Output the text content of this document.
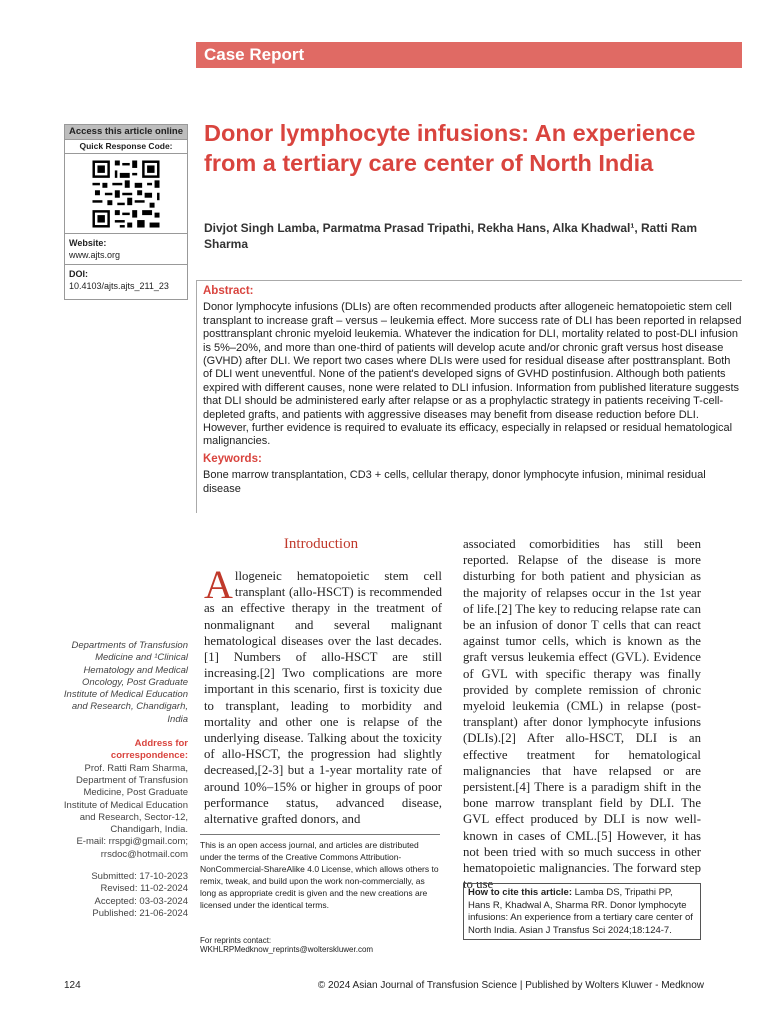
Case Report
Access this article online
Quick Response Code:
Website:
www.ajts.org
DOI:
10.4103/ajts.ajts_211_23
Donor lymphocyte infusions: An experience from a tertiary care center of North India
Divjot Singh Lamba, Parmatma Prasad Tripathi, Rekha Hans, Alka Khadwal¹, Ratti Ram Sharma
Abstract:
Donor lymphocyte infusions (DLIs) are often recommended products after allogeneic hematopoietic stem cell transplant to increase graft – versus – leukemia effect. More success rate of DLI has been reported in relapsed posttransplant chronic myeloid leukemia. Whatever the indication for DLI, mortality related to post-DLI infusion is 5%–20%, and more than one-third of patients will develop acute and/or chronic graft versus host disease (GVHD) after DLI. We report two cases where DLIs were used for residual disease after posttransplant. Both of DLI went uneventful. None of the patient's developed signs of GVHD postinfusion. Although both patients expired with different causes, none were related to DLI infusion. Information from published literature suggests that DLI should be administered early after relapse or as a prophylactic strategy in patients receiving T-cell-depleted grafts, and patients with aggressive diseases may benefit from disease reduction before DLI. However, further evidence is required to evaluate its efficacy, especially in relapsed or residual hematological malignancies.
Keywords:
Bone marrow transplantation, CD3 + cells, cellular therapy, donor lymphocyte infusion, minimal residual disease
Introduction
Allogeneic hematopoietic stem cell transplant (allo-HSCT) is recommended as an effective therapy in the treatment of nonmalignant and several malignant hematological diseases over the last decades.[1] Numbers of allo-HSCT are still increasing.[2] Two complications are more important in this scenario, first is toxicity due to transplant, leading to morbidity and mortality and other one is relapse of the underlying disease. Talking about the toxicity of allo-HSCT, the progression had slightly decreased,[2-3] but a 1-year mortality rate of around 10%–15% or higher in groups of poor performance status, advanced disease, alternative grafted donors, and
associated comorbidities has still been reported. Relapse of the disease is more disturbing for both patient and physician as the majority of relapses occur in the 1st year of life.[2] The key to reducing relapse rate can be an infusion of donor T cells that can react against tumor cells, which is known as the graft versus leukemia effect (GVL). Evidence of GVL with specific therapy was finally provided by complete remission of chronic myeloid leukemia (CML) in relapse (post-transplant) after donor lymphocyte infusions (DLIs).[2] After allo-HSCT, DLI is an effective treatment for hematological malignancies that have relapsed or are persistent.[4] There is a paradigm shift in the bone marrow transplant field by DLI. The GVL effect produced by DLI is now well-known in cases of CML.[5] However, it has not been tried with so much success in other hematopoietic malignancies. The forward step to use
This is an open access journal, and articles are distributed under the terms of the Creative Commons Attribution-NonCommercial-ShareAlike 4.0 License, which allows others to remix, tweak, and build upon the work non-commercially, as long as appropriate credit is given and the new creations are licensed under the identical terms.
For reprints contact: WKHLRPMedknow_reprints@wolterskluwer.com
How to cite this article: Lamba DS, Tripathi PP, Hans R, Khadwal A, Sharma RR. Donor lymphocyte infusions: An experience from a tertiary care center of North India. Asian J Transfus Sci 2024;18:124-7.
Departments of Transfusion Medicine and ¹Clinical Hematology and Medical Oncology, Post Graduate Institute of Medical Education and Research, Chandigarh, India
Address for correspondence:
Prof. Ratti Ram Sharma, Department of Transfusion Medicine, Post Graduate Institute of Medical Education and Research, Sector-12, Chandigarh, India.
E-mail: rrspgi@gmail.com; rrsdoc@hotmail.com
Submitted: 17-10-2023
Revised: 11-02-2024
Accepted: 03-03-2024
Published: 21-06-2024
124	© 2024 Asian Journal of Transfusion Science | Published by Wolters Kluwer - Medknow
